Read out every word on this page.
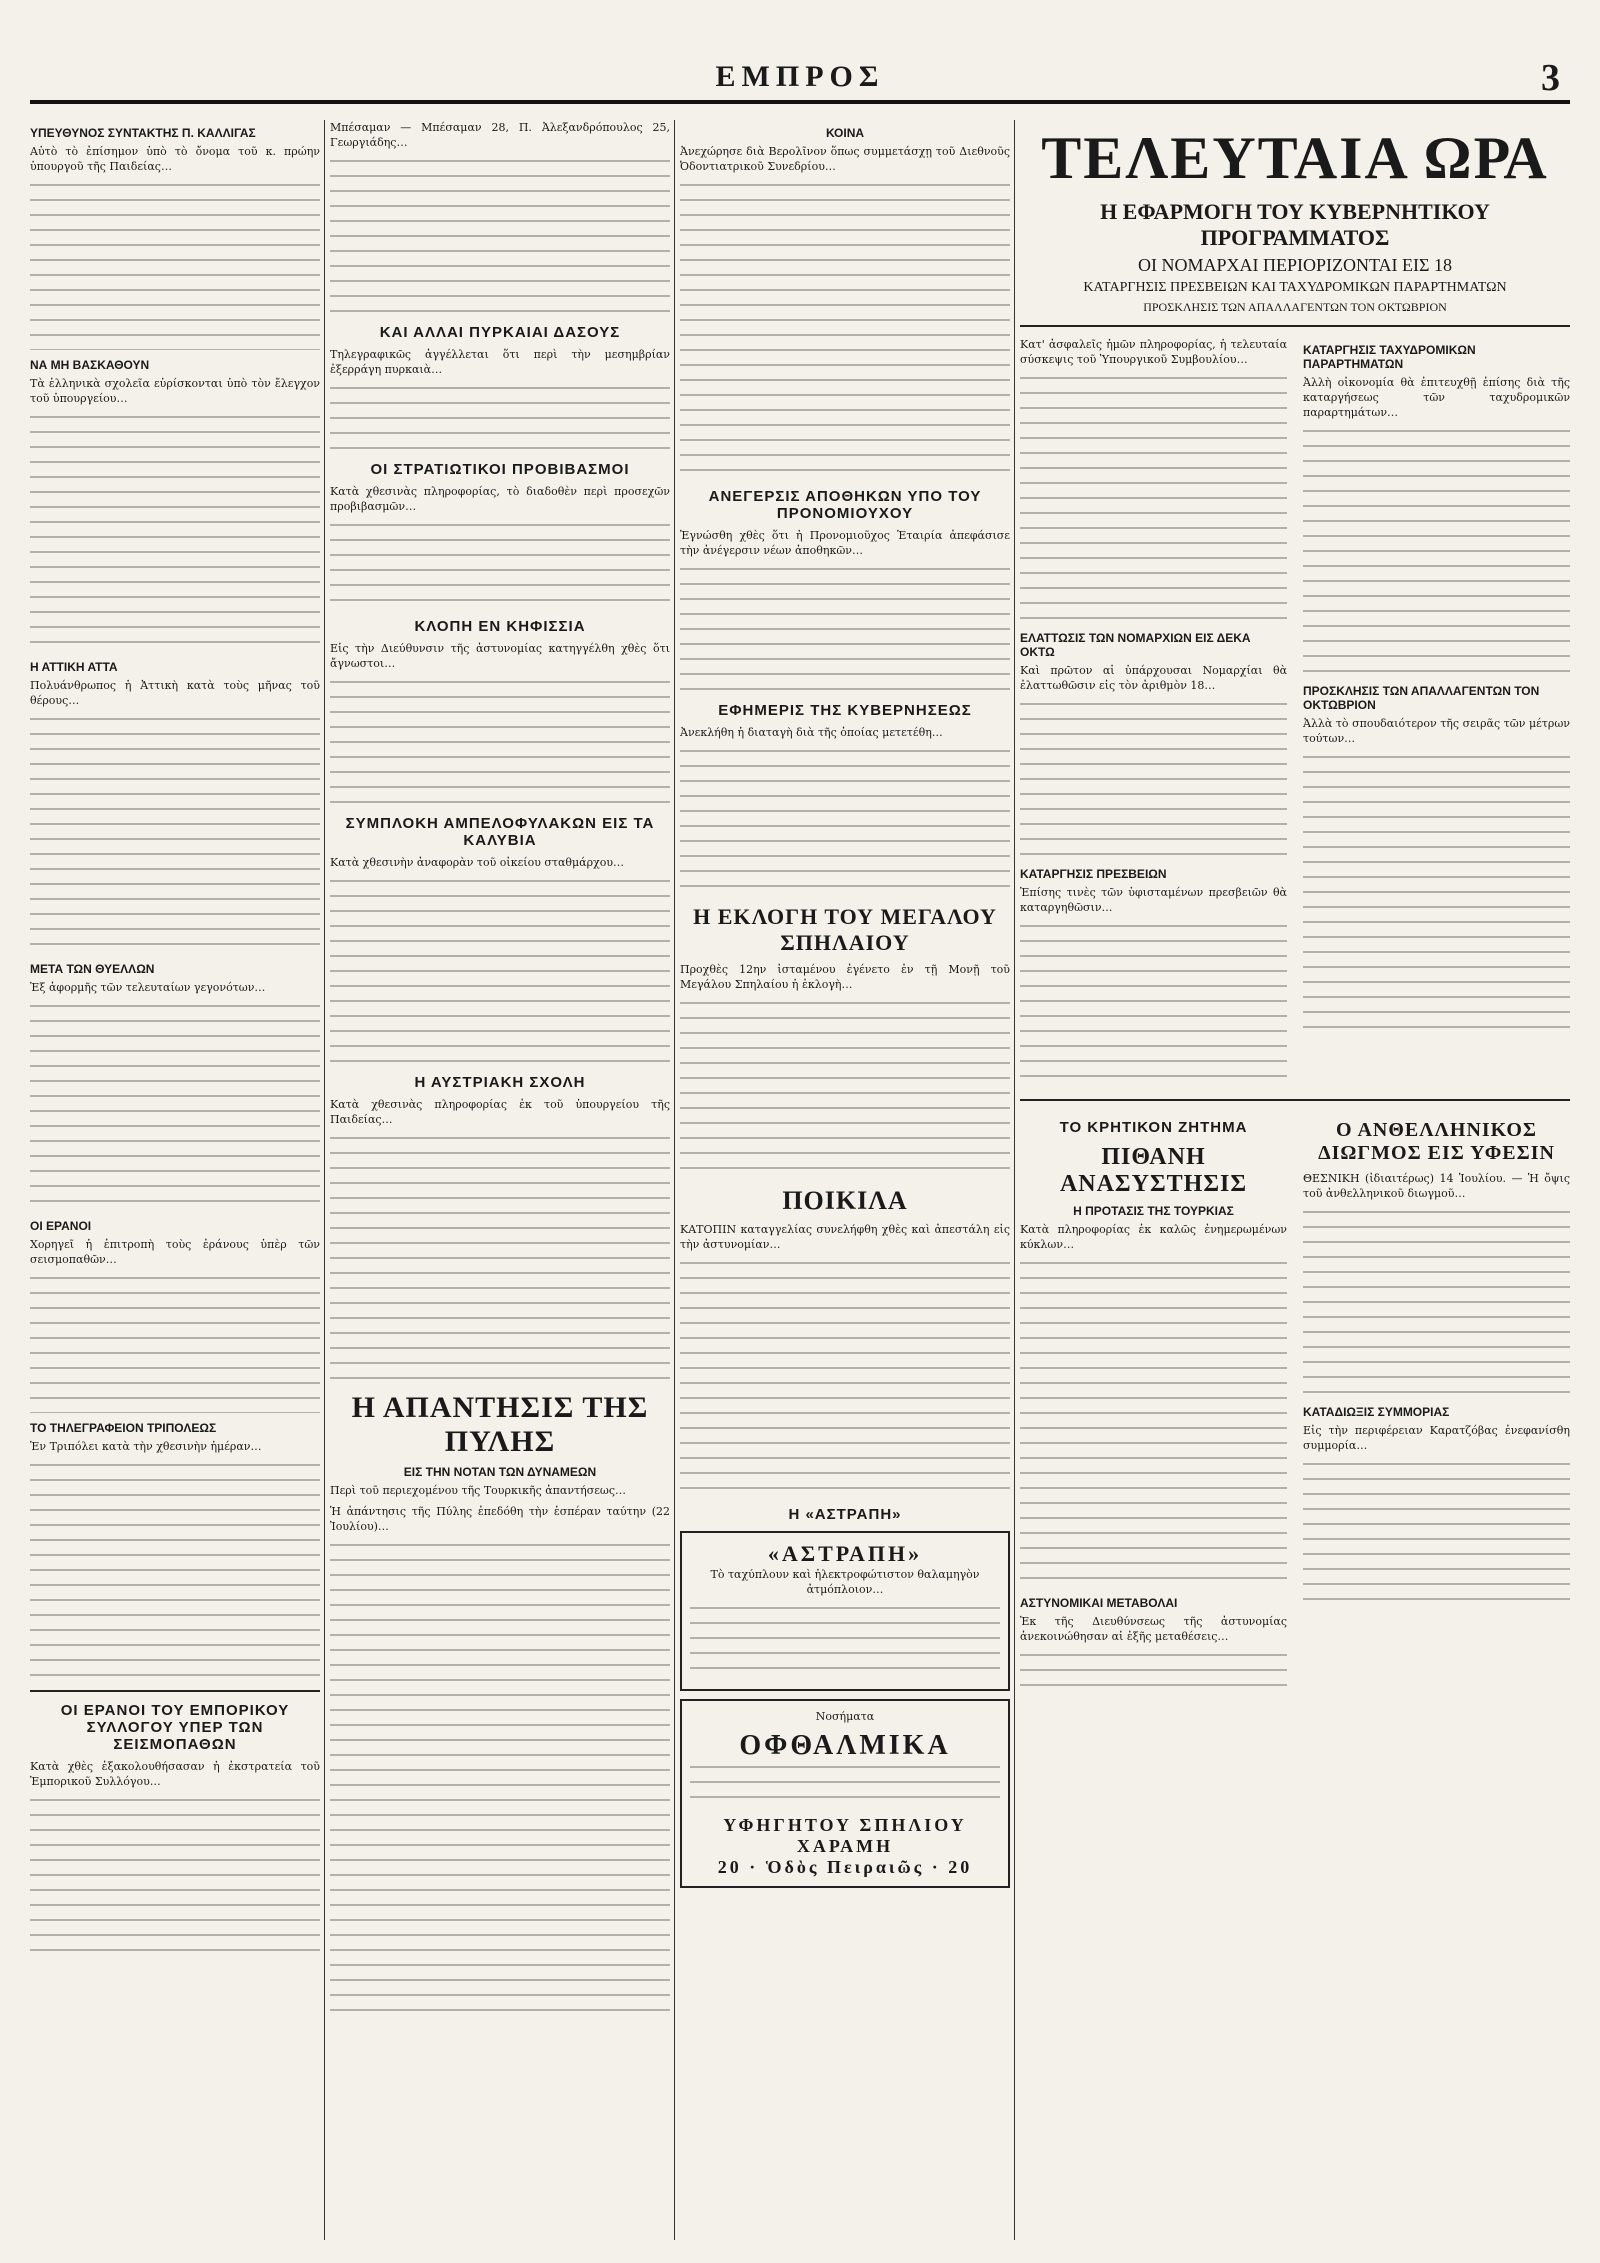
ΕΜΠΡΟΣ	3
ΥΠΕΥΘΥΝΟΣ ΣΥΝΤΑΚΤΗΣ Π. ΚΑΛΛΙΓΑΣ

Αὐτὸ τὸ ἐπίσημον ὑπὸ τὸ ὄνομα τοῦ κ. πρώην ὑπουργοῦ τῆς Παιδείας…

ΝΑ ΜΗ ΒΑΣΚΑΘΟΥΝ

Τὰ ἑλληνικὰ σχολεῖα εὑρίσκονται ὑπὸ τὸν ἔλεγχον τοῦ ὑπουργείου…

Η ΑΤΤΙΚΗ ΑΤΤΑ

Πολυάνθρωπος ἡ Ἀττικὴ κατὰ τοὺς μῆνας τοῦ θέρους…

ΜΕΤΑ ΤΩΝ ΘΥΕΛΛΩΝ

Ἐξ ἀφορμῆς τῶν τελευταίων γεγονότων…

ΟΙ ΕΡΑΝΟΙ

Χορηγεῖ ἡ ἐπιτροπὴ τοὺς ἐράνους ὑπὲρ τῶν σεισμοπαθῶν…

ΤΟ ΤΗΛΕΓΡΑΦΕΙΟΝ ΤΡΙΠΟΛΕΩΣ

Ἐν Τριπόλει κατὰ τὴν χθεσινὴν ἡμέραν…

ΟΙ ΕΡΑΝΟΙ ΤΟΥ ΕΜΠΟΡΙΚΟΥ ΣΥΛΛΟΓΟΥ ΥΠΕΡ ΤΩΝ ΣΕΙΣΜΟΠΑΘΩΝ

Κατὰ χθὲς ἐξακολουθήσασαν ἡ ἐκστρατεία τοῦ Ἐμπορικοῦ Συλλόγου…

Μπέσαμαν — Μπέσαμαν 28, Π. Ἀλεξανδρόπουλος 25, Γεωργιάδης…

ΚΑΙ ΑΛΛΑΙ ΠΥΡΚΑΙΑΙ ΔΑΣΟΥΣ

Τηλεγραφικῶς ἀγγέλλεται ὅτι περὶ τὴν μεσημβρίαν ἐξερράγη πυρκαιὰ…

ΟΙ ΣΤΡΑΤΙΩΤΙΚΟΙ ΠΡΟΒΙΒΑΣΜΟΙ

Κατὰ χθεσινὰς πληροφορίας, τὸ διαδοθὲν περὶ προσεχῶν προβιβασμῶν…

ΚΛΟΠΗ ΕΝ ΚΗΦΙΣΣΙΑ

Εἰς τὴν Διεύθυνσιν τῆς ἀστυνομίας κατηγγέλθη χθὲς ὅτι ἄγνωστοι…

ΣΥΜΠΛΟΚΗ ΑΜΠΕΛΟΦΥΛΑΚΩΝ ΕΙΣ ΤΑ ΚΑΛΥΒΙΑ

Κατὰ χθεσινὴν ἀναφορὰν τοῦ οἰκείου σταθμάρχου…

Η ΑΥΣΤΡΙΑΚΗ ΣΧΟΛΗ

Κατὰ χθεσινὰς πληροφορίας ἐκ τοῦ ὑπουργείου τῆς Παιδείας…

Η ΑΠΑΝΤΗΣΙΣ ΤΗΣ ΠΥΛΗΣ
ΕΙΣ ΤΗΝ ΝΟΤΑΝ ΤΩΝ ΔΥΝΑΜΕΩΝ

Περὶ τοῦ περιεχομένου τῆς Τουρκικῆς ἀπαντήσεως…

Ἡ ἀπάντησις τῆς Πύλης ἐπεδόθη τὴν ἑσπέραν ταύτην (22 Ἰουλίου)…

ΚΟΙΝΑ

Ἀνεχώρησε διὰ Βερολῖνον ὅπως συμμετάσχῃ τοῦ Διεθνοῦς Ὀδοντιατρικοῦ Συνεδρίου…

ΑΝΕΓΕΡΣΙΣ ΑΠΟΘΗΚΩΝ ΥΠΟ ΤΟΥ ΠΡΟΝΟΜΙΟΥΧΟΥ

Ἐγνώσθη χθὲς ὅτι ἡ Προνομιοῦχος Ἑταιρία ἀπεφάσισε τὴν ἀνέγερσιν νέων ἀποθηκῶν…

ΕΦΗΜΕΡΙΣ ΤΗΣ ΚΥΒΕΡΝΗΣΕΩΣ

Ἀνεκλήθη ἡ διαταγὴ διὰ τῆς ὁποίας μετετέθη…

Η ΕΚΛΟΓΗ ΤΟΥ ΜΕΓΑΛΟΥ ΣΠΗΛΑΙΟΥ

Προχθὲς 12ην ἰσταμένου ἐγένετο ἐν τῇ Μονῇ τοῦ Μεγάλου Σπηλαίου ἡ ἐκλογὴ…

ΠΟΙΚΙΛΑ

ΚΑΤΟΠΙΝ καταγγελίας συνελήφθη χθὲς καὶ ἀπεστάλη εἰς τὴν ἀστυνομίαν…

Η «ΑΣΤΡΑΠΗ»
«ΑΣΤΡΑΠΗ»

Τὸ ταχύπλουν καὶ ἠλεκτροφώτιστον θαλαμηγὸν ἀτμόπλοιον…

Νοσήματα

ΟΦΘΑΛΜΙΚΑ
ΥΦΗΓΗΤΟΥ ΣΠΗΛΙΟΥ ΧΑΡΑΜΗ
20 · Ὁδὸς Πειραιῶς · 20
ΤΕΛΕΥΤΑΙΑ ΩΡΑ
Η ΕΦΑΡΜΟΓΗ ΤΟΥ ΚΥΒΕΡΝΗΤΙΚΟΥ ΠΡΟΓΡΑΜΜΑΤΟΣ
ΟΙ ΝΟΜΑΡΧΑΙ ΠΕΡΙΟΡΙΖΟΝΤΑΙ ΕΙΣ 18
ΚΑΤΑΡΓΗΣΙΣ ΠΡΕΣΒΕΙΩΝ ΚΑΙ ΤΑΧΥΔΡΟΜΙΚΩΝ ΠΑΡΑΡΤΗΜΑΤΩΝ
ΠΡΟΣΚΛΗΣΙΣ ΤΩΝ ΑΠΑΛΛΑΓΕΝΤΩΝ ΤΟΝ ΟΚΤΩΒΡΙΟΝ

Κατ' ἀσφαλεῖς ἡμῶν πληροφορίας, ἡ τελευταία σύσκεψις τοῦ Ὑπουργικοῦ Συμβουλίου…

ΕΛΑΤΤΩΣΙΣ ΤΩΝ ΝΟΜΑΡΧΙΩΝ ΕΙΣ ΔΕΚΑ ΟΚΤΩ

Καὶ πρῶτον αἱ ὑπάρχουσαι Νομαρχίαι θὰ ἐλαττωθῶσιν εἰς τὸν ἀριθμὸν 18…

ΚΑΤΑΡΓΗΣΙΣ ΠΡΕΣΒΕΙΩΝ

Ἐπίσης τινὲς τῶν ὑφισταμένων πρεσβειῶν θὰ καταργηθῶσιν…

ΚΑΤΑΡΓΗΣΙΣ ΤΑΧΥΔΡΟΜΙΚΩΝ ΠΑΡΑΡΤΗΜΑΤΩΝ

Ἀλλὴ οἰκονομία θὰ ἐπιτευχθῇ ἐπίσης διὰ τῆς καταργήσεως τῶν ταχυδρομικῶν παραρτημάτων…

ΠΡΟΣΚΛΗΣΙΣ ΤΩΝ ΑΠΑΛΛΑΓΕΝΤΩΝ ΤΟΝ ΟΚΤΩΒΡΙΟΝ

Ἀλλὰ τὸ σπουδαιότερον τῆς σειρᾶς τῶν μέτρων τούτων…

ΤΟ ΚΡΗΤΙΚΟΝ ΖΗΤΗΜΑ
ΠΙΘΑΝΗ ΑΝΑΣΥΣΤΗΣΙΣ
Η ΠΡΟΤΑΣΙΣ ΤΗΣ ΤΟΥΡΚΙΑΣ

Κατὰ πληροφορίας ἐκ καλῶς ἐνημερωμένων κύκλων…

ΑΣΤΥΝΟΜΙΚΑΙ ΜΕΤΑΒΟΛΑΙ

Ἐκ τῆς Διευθύνσεως τῆς ἀστυνομίας ἀνεκοινώθησαν αἱ ἑξῆς μεταθέσεις…

Ο ΑΝΘΕΛΛΗΝΙΚΟΣ ΔΙΩΓΜΟΣ ΕΙΣ ΥΦΕΣΙΝ

ΘΕΣΝΙΚΗ (ἰδιαιτέρως) 14 Ἰουλίου. — Ἡ ὄψις τοῦ ἀνθελληνικοῦ διωγμοῦ…

ΚΑΤΑΔΙΩΞΙΣ ΣΥΜΜΟΡΙΑΣ

Εἰς τὴν περιφέρειαν Καρατζόβας ἐνεφανίσθη συμμορία…
